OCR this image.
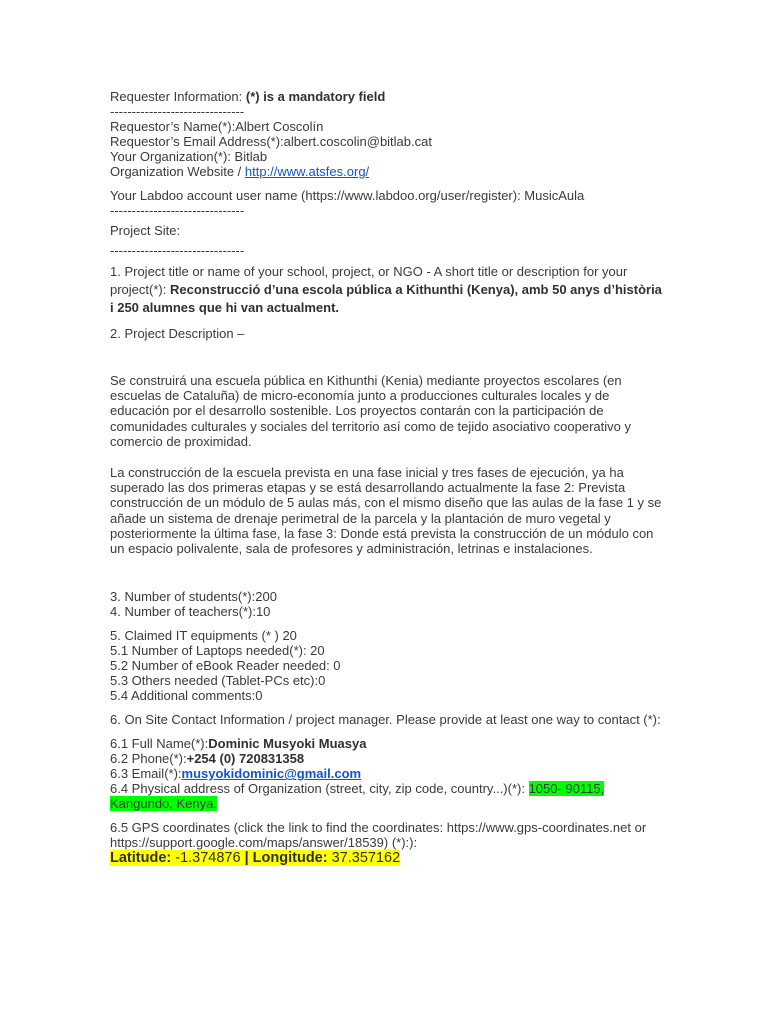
Requester Information: (*) is a mandatory field
-------------------------------
Requestor’s Name(*):Albert Coscolín
Requestor’s Email Address(*):albert.coscolin@bitlab.cat
Your Organization(*): Bitlab
Organization Website / http://www.atsfes.org/
Your Labdoo account user name (https://www.labdoo.org/user/register): MusicAula
-------------------------------
Project Site:
-------------------------------
1. Project title or name of your school, project, or NGO - A short title or description for your project(*): Reconstrucció d’una escola pública a Kithunthi (Kenya), amb 50 anys d’història i 250 alumnes que hi van actualment.
2. Project Description –
Se construirá una escuela pública en Kithunthi (Kenia) mediante proyectos escolares (en escuelas de Cataluña) de micro-economía junto a producciones culturales locales y de educación por el desarrollo sostenible. Los proyectos contarán con la participación de comunidades culturales y sociales del territorio así como de tejido asociativo cooperativo y comercio de proximidad.
La construcción de la escuela prevista en una fase inicial y tres fases de ejecución, ya ha superado las dos primeras etapas y se está desarrollando actualmente la fase 2: Prevista construcción de un módulo de 5 aulas más, con el mismo diseño que las aulas de la fase 1 y se añade un sistema de drenaje perimetral de la parcela y la plantación de muro vegetal y posteriormente la última fase, la fase 3: Donde está prevista la construcción de un módulo con un espacio polivalente, sala de profesores y administración, letrinas e instalaciones.
3. Number of students(*):200
4. Number of teachers(*):10
5. Claimed IT equipments (* ) 20
5.1 Number of Laptops needed(*): 20
5.2 Number of eBook Reader needed: 0
5.3 Others needed (Tablet-PCs etc):0
5.4 Additional comments:0
6. On Site Contact Information / project manager. Please provide at least one way to contact (*):
6.1 Full Name(*):Dominic Musyoki Muasya
6.2 Phone(*):+254 (0) 720831358
6.3 Email(*):musyokidominic@gmail.com
6.4 Physical address of Organization (street, city, zip code, country...)(*): 1050- 90115,
Kangundo, Kenya.
6.5 GPS coordinates (click the link to find the coordinates: https://www.gps-coordinates.net or https://support.google.com/maps/answer/18539) (*):):
Latitude: -1.374876 | Longitude: 37.357162
